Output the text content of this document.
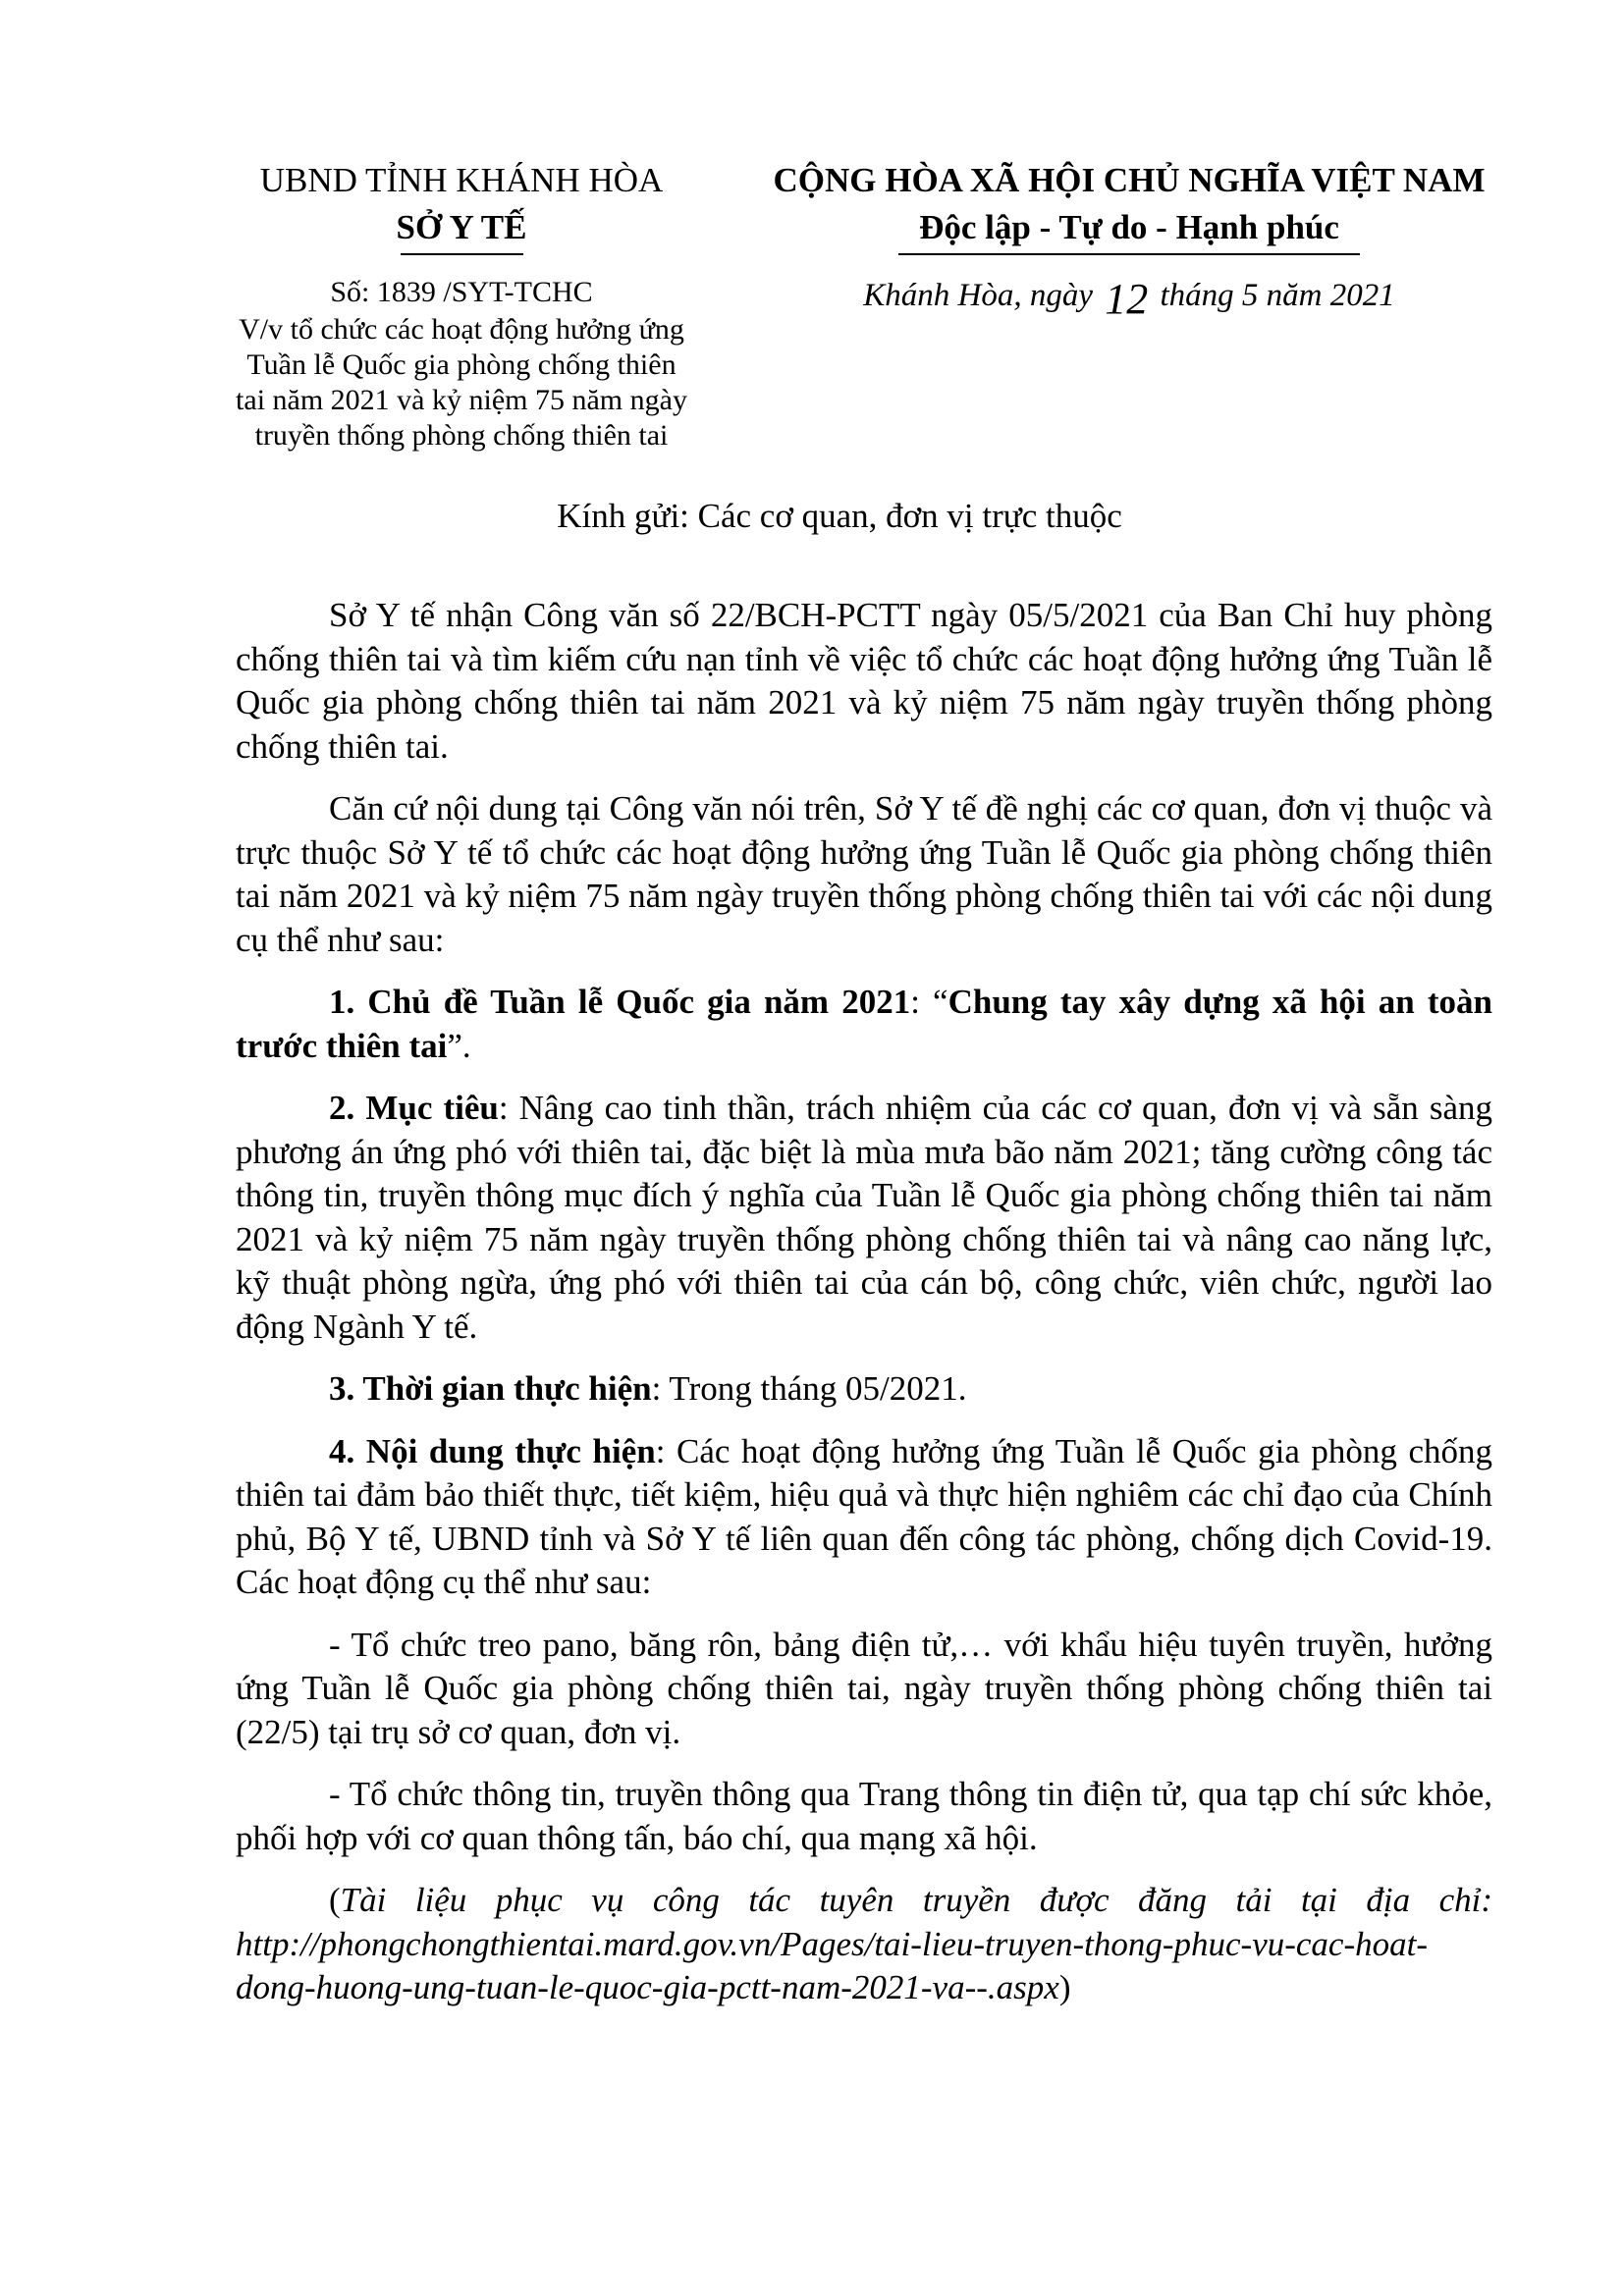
UBND TỈNH KHÁNH HÒA
SỞ Y TẾ
CỘNG HÒA XÃ HỘI CHỦ NGHĨA VIỆT NAM
Độc lập - Tự do - Hạnh phúc
Số: 1839 /SYT-TCHC
V/v tổ chức các hoạt động hưởng ứng
Tuần lễ Quốc gia phòng chống thiên
tai năm 2021 và kỷ niệm 75 năm ngày
truyền thống phòng chống thiên tai
Khánh Hòa, ngày 12 tháng 5 năm 2021
Kính gửi: Các cơ quan, đơn vị trực thuộc

Sở Y tế nhận Công văn số 22/BCH-PCTT ngày 05/5/2021 của Ban Chỉ huy phòng chống thiên tai và tìm kiếm cứu nạn tỉnh về việc tổ chức các hoạt động hưởng ứng Tuần lễ Quốc gia phòng chống thiên tai năm 2021 và kỷ niệm 75 năm ngày truyền thống phòng chống thiên tai.

Căn cứ nội dung tại Công văn nói trên, Sở Y tế đề nghị các cơ quan, đơn vị thuộc và trực thuộc Sở Y tế tổ chức các hoạt động hưởng ứng Tuần lễ Quốc gia phòng chống thiên tai năm 2021 và kỷ niệm 75 năm ngày truyền thống phòng chống thiên tai với các nội dung cụ thể như sau:

1. Chủ đề Tuần lễ Quốc gia năm 2021: “Chung tay xây dựng xã hội an toàn trước thiên tai”.

2. Mục tiêu: Nâng cao tinh thần, trách nhiệm của các cơ quan, đơn vị và sẵn sàng phương án ứng phó với thiên tai, đặc biệt là mùa mưa bão năm 2021; tăng cường công tác thông tin, truyền thông mục đích ý nghĩa của Tuần lễ Quốc gia phòng chống thiên tai năm 2021 và kỷ niệm 75 năm ngày truyền thống phòng chống thiên tai và nâng cao năng lực, kỹ thuật phòng ngừa, ứng phó với thiên tai của cán bộ, công chức, viên chức, người lao động Ngành Y tế.

3. Thời gian thực hiện: Trong tháng 05/2021.

4. Nội dung thực hiện: Các hoạt động hưởng ứng Tuần lễ Quốc gia phòng chống thiên tai đảm bảo thiết thực, tiết kiệm, hiệu quả và thực hiện nghiêm các chỉ đạo của Chính phủ, Bộ Y tế, UBND tỉnh và Sở Y tế liên quan đến công tác phòng, chống dịch Covid-19. Các hoạt động cụ thể như sau:

- Tổ chức treo pano, băng rôn, bảng điện tử,… với khẩu hiệu tuyên truyền, hưởng ứng Tuần lễ Quốc gia phòng chống thiên tai, ngày truyền thống phòng chống thiên tai (22/5) tại trụ sở cơ quan, đơn vị.

- Tổ chức thông tin, truyền thông qua Trang thông tin điện tử, qua tạp chí sức khỏe, phối hợp với cơ quan thông tấn, báo chí, qua mạng xã hội.

(Tài liệu phục vụ công tác tuyên truyền được đăng tải tại địa chỉ: http://phongchongthientai.mard.gov.vn/Pages/tai-lieu-truyen-thong-phuc-vu-cac-hoat-dong-huong-ung-tuan-le-quoc-gia-pctt-nam-2021-va--.aspx)
